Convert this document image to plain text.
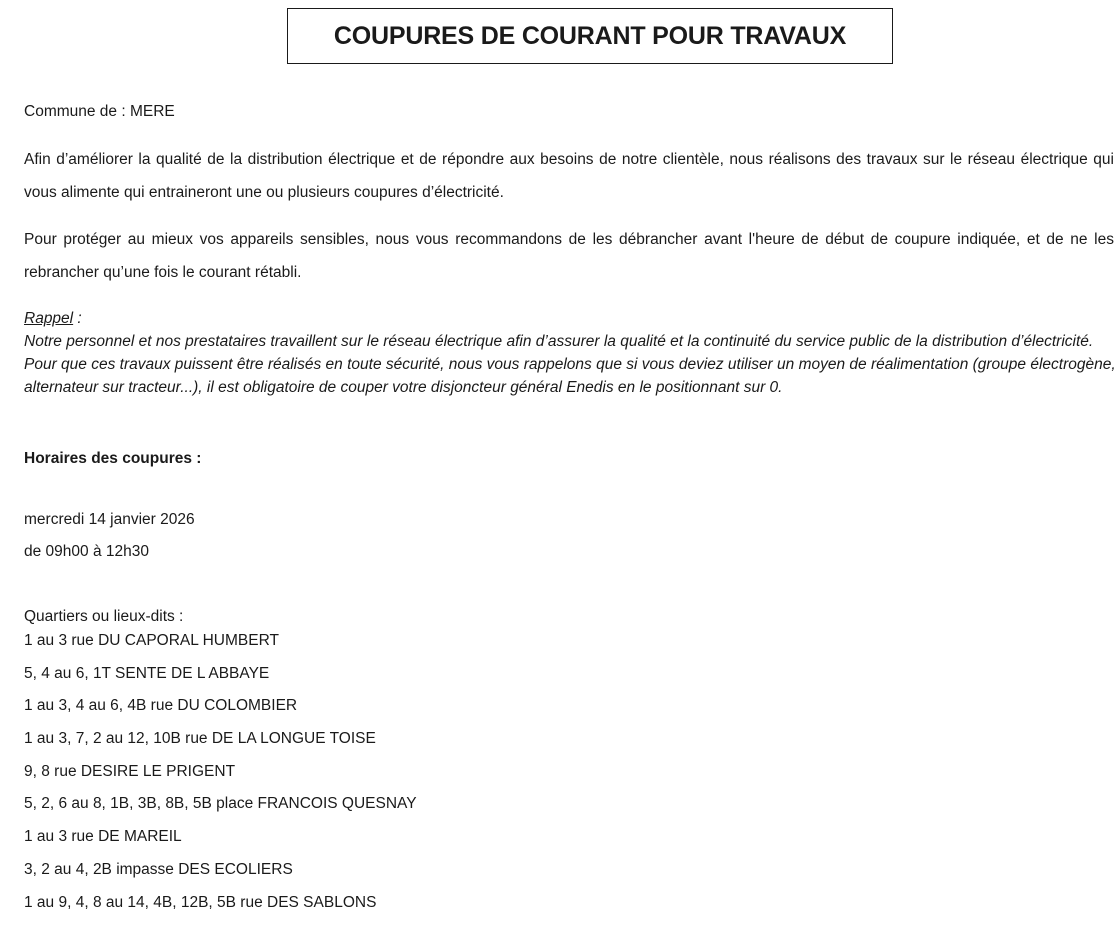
COUPURES DE COURANT POUR TRAVAUX
Commune de : MERE
Afin d’améliorer la qualité de la distribution électrique et de répondre aux besoins de notre clientèle, nous réalisons des travaux sur le réseau électrique qui vous alimente qui entraineront une ou plusieurs coupures d’électricité.
Pour protéger au mieux vos appareils sensibles, nous vous recommandons de les débrancher avant l'heure de début de coupure indiquée, et de ne les rebrancher qu’une fois le courant rétabli.
Rappel :
Notre personnel et nos prestataires travaillent sur le réseau électrique afin d’assurer la qualité et la continuité du service public de la distribution d’électricité. Pour que ces travaux puissent être réalisés en toute sécurité, nous vous rappelons que si vous deviez utiliser un moyen de réalimentation (groupe électrogène, alternateur sur tracteur...), il est obligatoire de couper votre disjoncteur général Enedis en le positionnant sur 0.
Horaires des coupures :
mercredi 14 janvier 2026
de 09h00 à 12h30
Quartiers ou lieux-dits :
1 au 3 rue DU CAPORAL HUMBERT
5, 4 au 6, 1T SENTE DE L ABBAYE
1 au 3, 4 au 6, 4B rue DU COLOMBIER
1 au 3, 7, 2 au 12, 10B rue DE LA LONGUE TOISE
9, 8 rue DESIRE LE PRIGENT
5, 2, 6 au 8, 1B, 3B, 8B, 5B place FRANCOIS QUESNAY
1 au 3 rue DE MAREIL
3, 2 au 4, 2B impasse DES ECOLIERS
1 au 9, 4, 8 au 14, 4B, 12B, 5B rue DES SABLONS
